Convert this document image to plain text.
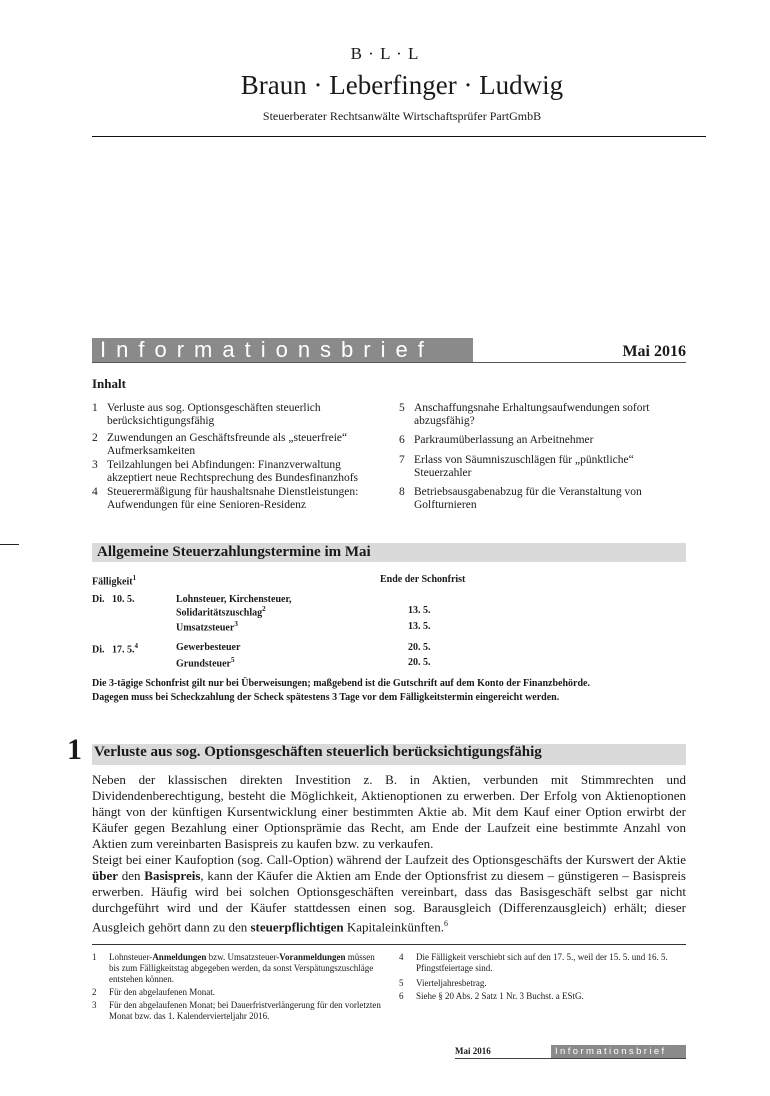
B · L · L
Braun · Leberfinger · Ludwig
Steuerberater Rechtsanwälte Wirtschaftsprüfer PartGmbB
Informationsbrief	Mai 2016
Inhalt
1 Verluste aus sog. Optionsgeschäften steuerlich berücksichtigungsfähig
2 Zuwendungen an Geschäftsfreunde als „steuerfreie“ Aufmerksamkeiten
3 Teilzahlungen bei Abfindungen: Finanzverwaltung akzeptiert neue Rechtsprechung des Bundesfinanzhofs
4 Steuerermäßigung für haushaltsnahe Dienstleistungen: Aufwendungen für eine Senioren-Residenz
5 Anschaffungsnahe Erhaltungsaufwendungen sofort abzugsfähig?
6 Parkraumüberlassung an Arbeitnehmer
7 Erlass von Säumniszuschlägen für „pünktliche“ Steuerzahler
8 Betriebsausgabenabzug für die Veranstaltung von Golfturnieren
Allgemeine Steuerzahlungstermine im Mai
Fälligkeit$^1$	Ende der Schonfrist
Di.   10. 5.	Lohnsteuer, Kirchensteuer,
Solidaritätszuschlag$^2$	13. 5.
Umsatzsteuer$^3$	13. 5.
Di.   17. 5.$^4$	Gewerbesteuer	20. 5.
Grundsteuer$^5$	20. 5.
Die 3-tägige Schonfrist gilt nur bei Überweisungen; maßgebend ist die Gutschrift auf dem Konto der Finanzbehörde.
Dagegen muss bei Scheckzahlung der Scheck spätestens 3 Tage vor dem Fälligkeitstermin eingereicht werden.
1 Verluste aus sog. Optionsgeschäften steuerlich berücksichtigungsfähig
Neben der klassischen direkten Investition z. B. in Aktien, verbunden mit Stimmrechten und Dividendenberechtigung, besteht die Möglichkeit, Aktienoptionen zu erwerben. Der Erfolg von Aktienoptionen hängt von der künftigen Kursentwicklung einer bestimmten Aktie ab. Mit dem Kauf einer Option erwirbt der Käufer gegen Bezahlung einer Optionsprämie das Recht, am Ende der Laufzeit eine bestimmte Anzahl von Aktien zum vereinbarten Basispreis zu kaufen bzw. zu verkaufen.
Steigt bei einer Kaufoption (sog. Call-Option) während der Laufzeit des Optionsgeschäfts der Kurswert der Aktie über den Basispreis, kann der Käufer die Aktien am Ende der Optionsfrist zu diesem – günstigeren – Basispreis erwerben. Häufig wird bei solchen Optionsgeschäften vereinbart, dass das Basisgeschäft selbst gar nicht durchgeführt wird und der Käufer stattdessen einen sog. Barausgleich (Differenzausgleich) erhält; dieser Ausgleich gehört dann zu den steuerpflichtigen Kapitaleinkünften.$^6$
1	Lohnsteuer-Anmeldungen bzw. Umsatzsteuer-Voranmeldungen müssen bis zum Fälligkeitstag abgegeben werden, da sonst Verspätungszuschläge entstehen können.
2	Für den abgelaufenen Monat.
3	Für den abgelaufenen Monat; bei Dauerfristverlängerung für den vorletzten Monat bzw. das 1. Kalendervierteljahr 2016.
4	Die Fälligkeit verschiebt sich auf den 17. 5., weil der 15. 5. und 16. 5. Pfingstfeiertage sind.
5	Vierteljahresbetrag.
6	Siehe § 20 Abs. 2 Satz 1 Nr. 3 Buchst. a EStG.
Mai 2016	Informationsbrief
